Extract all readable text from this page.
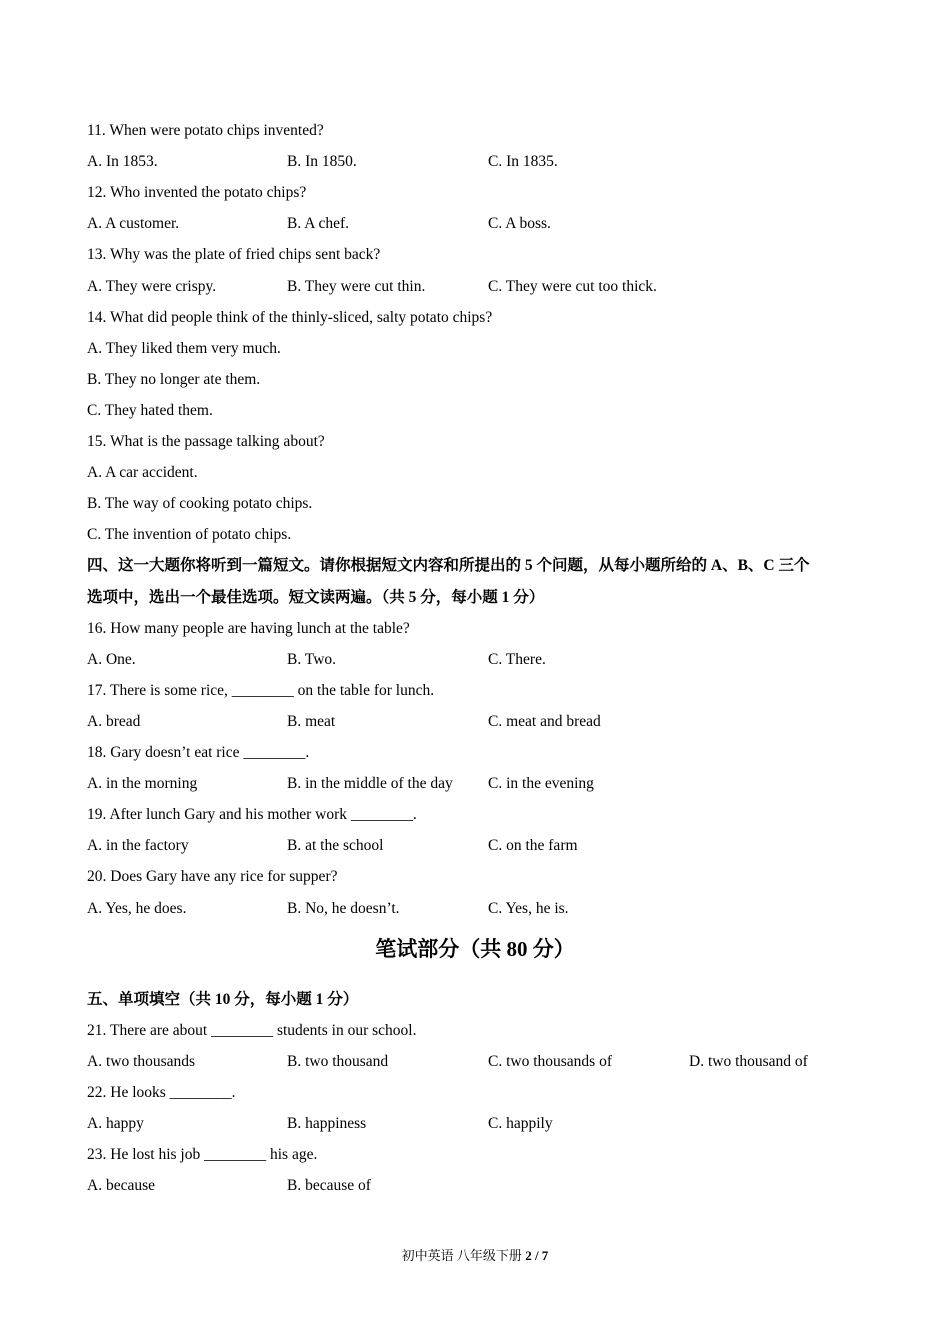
11. When were potato chips invented?
A. In 1853.	B. In 1850.	C. In 1835.
12. Who invented the potato chips?
A. A customer.	B. A chef.	C. A boss.
13. Why was the plate of fried chips sent back?
A. They were crispy.	B. They were cut thin.	C. They were cut too thick.
14. What did people think of the thinly-sliced, salty potato chips?
A. They liked them very much.
B. They no longer ate them.
C. They hated them.
15. What is the passage talking about?
A. A car accident.
B. The way of cooking potato chips.
C. The invention of potato chips.
四、这一大题你将听到一篇短文。请你根据短文内容和所提出的 5 个问题，从每小题所给的 A、B、C 三个
选项中，选出一个最佳选项。短文读两遍。（共 5 分，每小题 1 分）
16. How many people are having lunch at the table?
A. One.	B. Two.	C. There.
17. There is some rice, ________ on the table for lunch.
A. bread	B. meat	C. meat and bread
18. Gary doesn’t eat rice ________.
A. in the morning	B. in the middle of the day C. in the evening
19. After lunch Gary and his mother work ________.
A. in the factory	B. at the school	C. on the farm
20. Does Gary have any rice for supper?
A. Yes, he does.	B. No, he doesn’t.	C. Yes, he is.
笔试部分（共 80 分）
五、单项填空（共 10 分，每小题 1 分）
21. There are about ________ students in our school.
A. two thousands	B. two thousand	C. two thousands of	D. two thousand of
22. He looks ________.
A. happy	B. happiness	C. happily
23. He lost his job ________ his age.
A. because	B. because of
初中英语 八年级下册 2 / 7
